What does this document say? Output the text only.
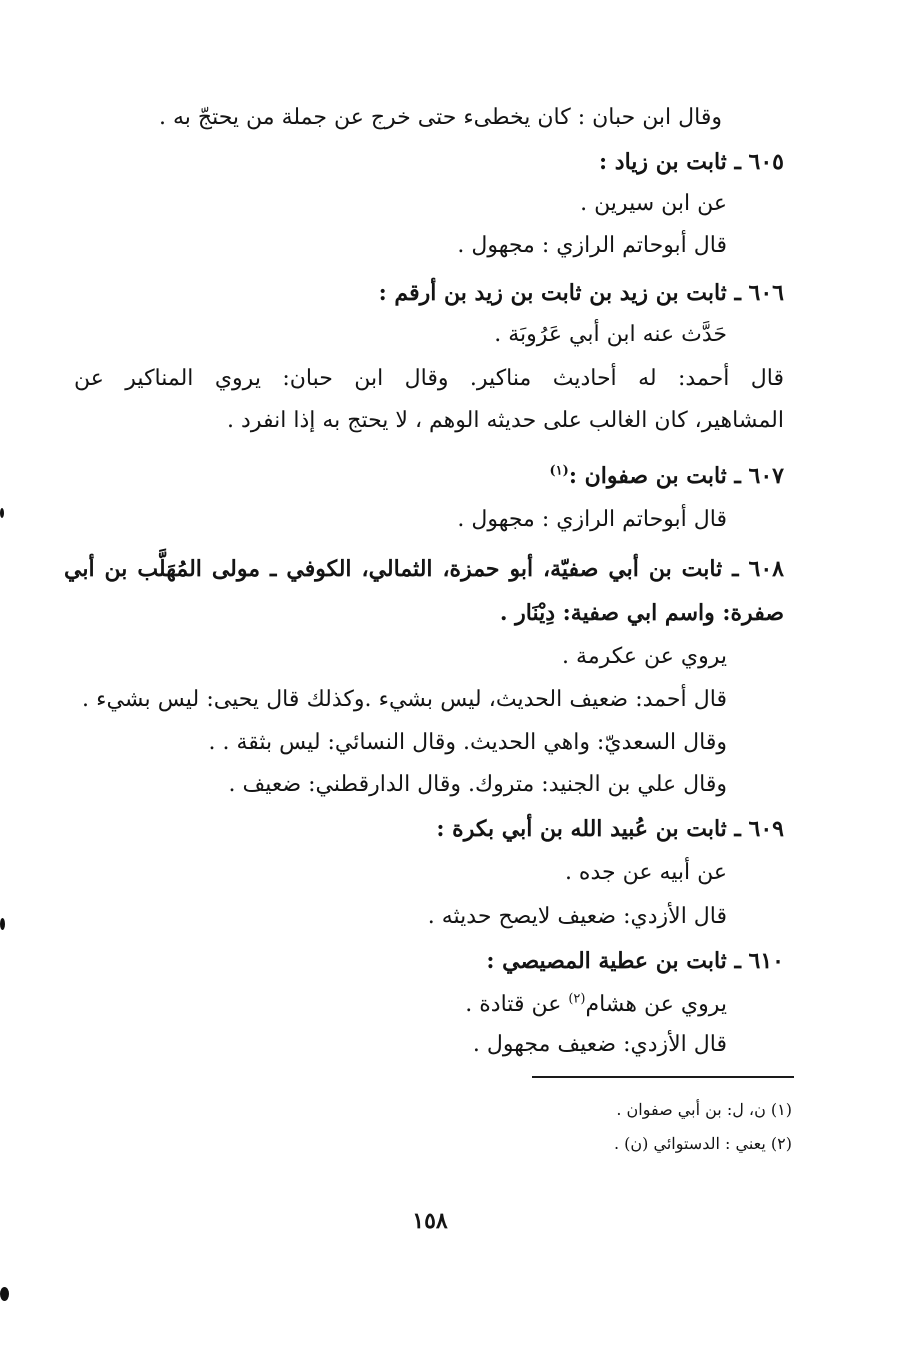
وقال ابن حبان : كان يخطىء حتى خرج عن جملة من يحتجّ به .
٦٠٥ ـ ثابت بن زياد :
عن ابن سيرين .
قال أبوحاتم الرازي : مجهول .
٦٠٦ ـ ثابت بن زيد بن ثابت بن زيد بن أرقم :
حَدَّث عنه ابن أبي عَرُوبَة .
قال أحمد: له أحاديث مناكير. وقال ابن حبان: يروي المناكير عن
المشاهير، كان الغالب على حديثه الوهم ، لا يحتج به إذا انفرد .
٦٠٧ ـ ثابت بن صفوان :$^{(١)}$
قال أبوحاتم الرازي : مجهول .
٦٠٨ ـ ثابت بن أبي صفيّة، أبو حمزة، الثمالي، الكوفي ـ مولى المُهَلَّب بن أبي
صفرة: واسم ابي صفية: دِيْنَار .
يروي عن عكرمة .
قال أحمد: ضعيف الحديث، ليس بشيء .وكذلك قال يحيى: ليس بشيء .
وقال السعديّ: واهي الحديث. وقال النسائي: ليس بثقة . .
وقال علي بن الجنيد: متروك. وقال الدارقطني: ضعيف .
٦٠٩ ـ ثابت بن عُبيد الله بن أبي بكرة :
عن أبيه عن جده .
قال الأزدي: ضعيف لايصح حديثه .
٦١٠ ـ ثابت بن عطية المصيصي :
يروي عن هشام$^{(٢)}$ عن قتادة .
قال الأزدي: ضعيف مجهول .
(١) ن، ل: بن أبي صفوان .
(٢) يعني : الدستوائي (ن) .
١٥٨
